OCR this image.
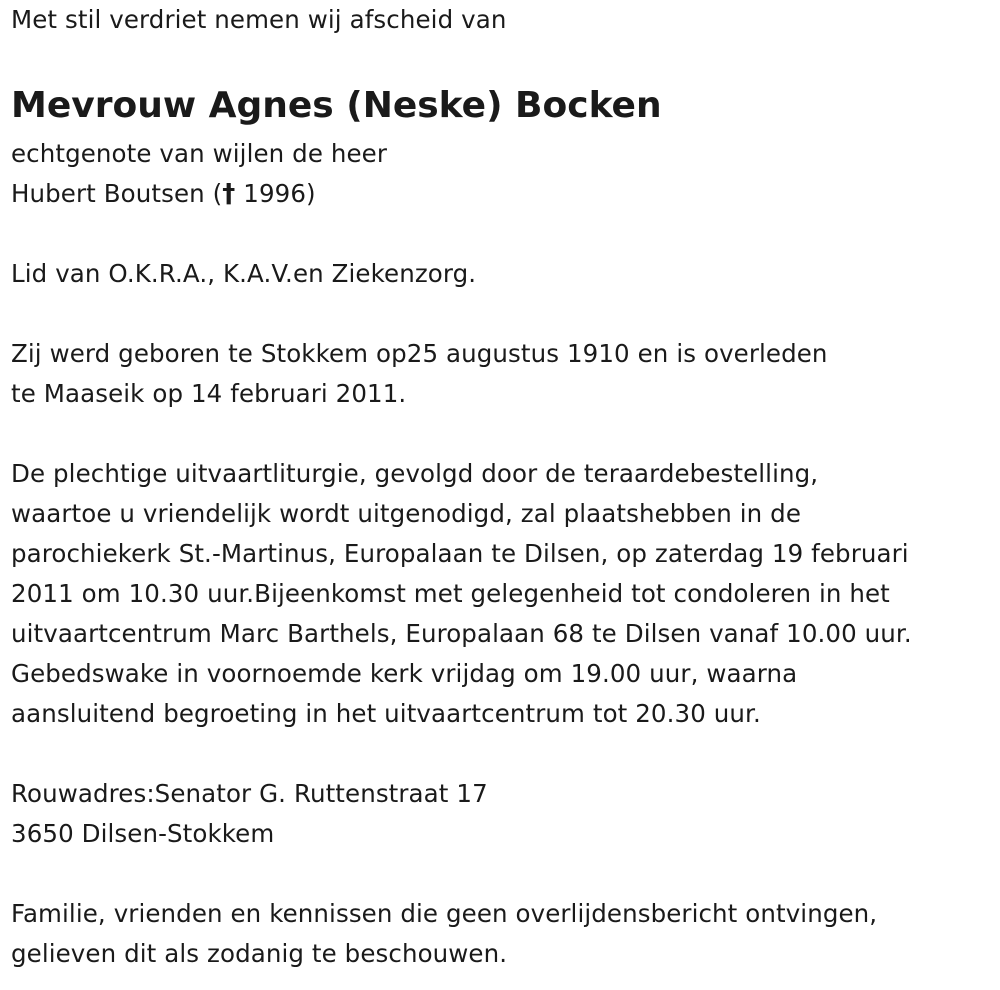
Met stil verdriet nemen wij afscheid van
Mevrouw Agnes (Neske) Bocken
echtgenote van wijlen de heer
Hubert Boutsen († 1996)
Lid van O.K.R.A., K.A.V.en Ziekenzorg.
Zij werd geboren te Stokkem op25 augustus 1910 en is overleden
te Maaseik op 14 februari 2011.
De plechtige uitvaartliturgie, gevolgd door de teraardebestelling,
waartoe u vriendelijk wordt uitgenodigd, zal plaatshebben in de
parochiekerk St.-Martinus, Europalaan te Dilsen, op zaterdag 19 februari
2011 om 10.30 uur.Bijeenkomst met gelegenheid tot condoleren in het
uitvaartcentrum Marc Barthels, Europalaan 68 te Dilsen vanaf 10.00 uur.
Gebedswake in voornoemde kerk vrijdag om 19.00 uur, waarna
aansluitend begroeting in het uitvaartcentrum tot 20.30 uur.
Rouwadres:Senator G. Ruttenstraat 17
3650 Dilsen-Stokkem
Familie, vrienden en kennissen die geen overlijdensbericht ontvingen,
gelieven dit als zodanig te beschouwen.
